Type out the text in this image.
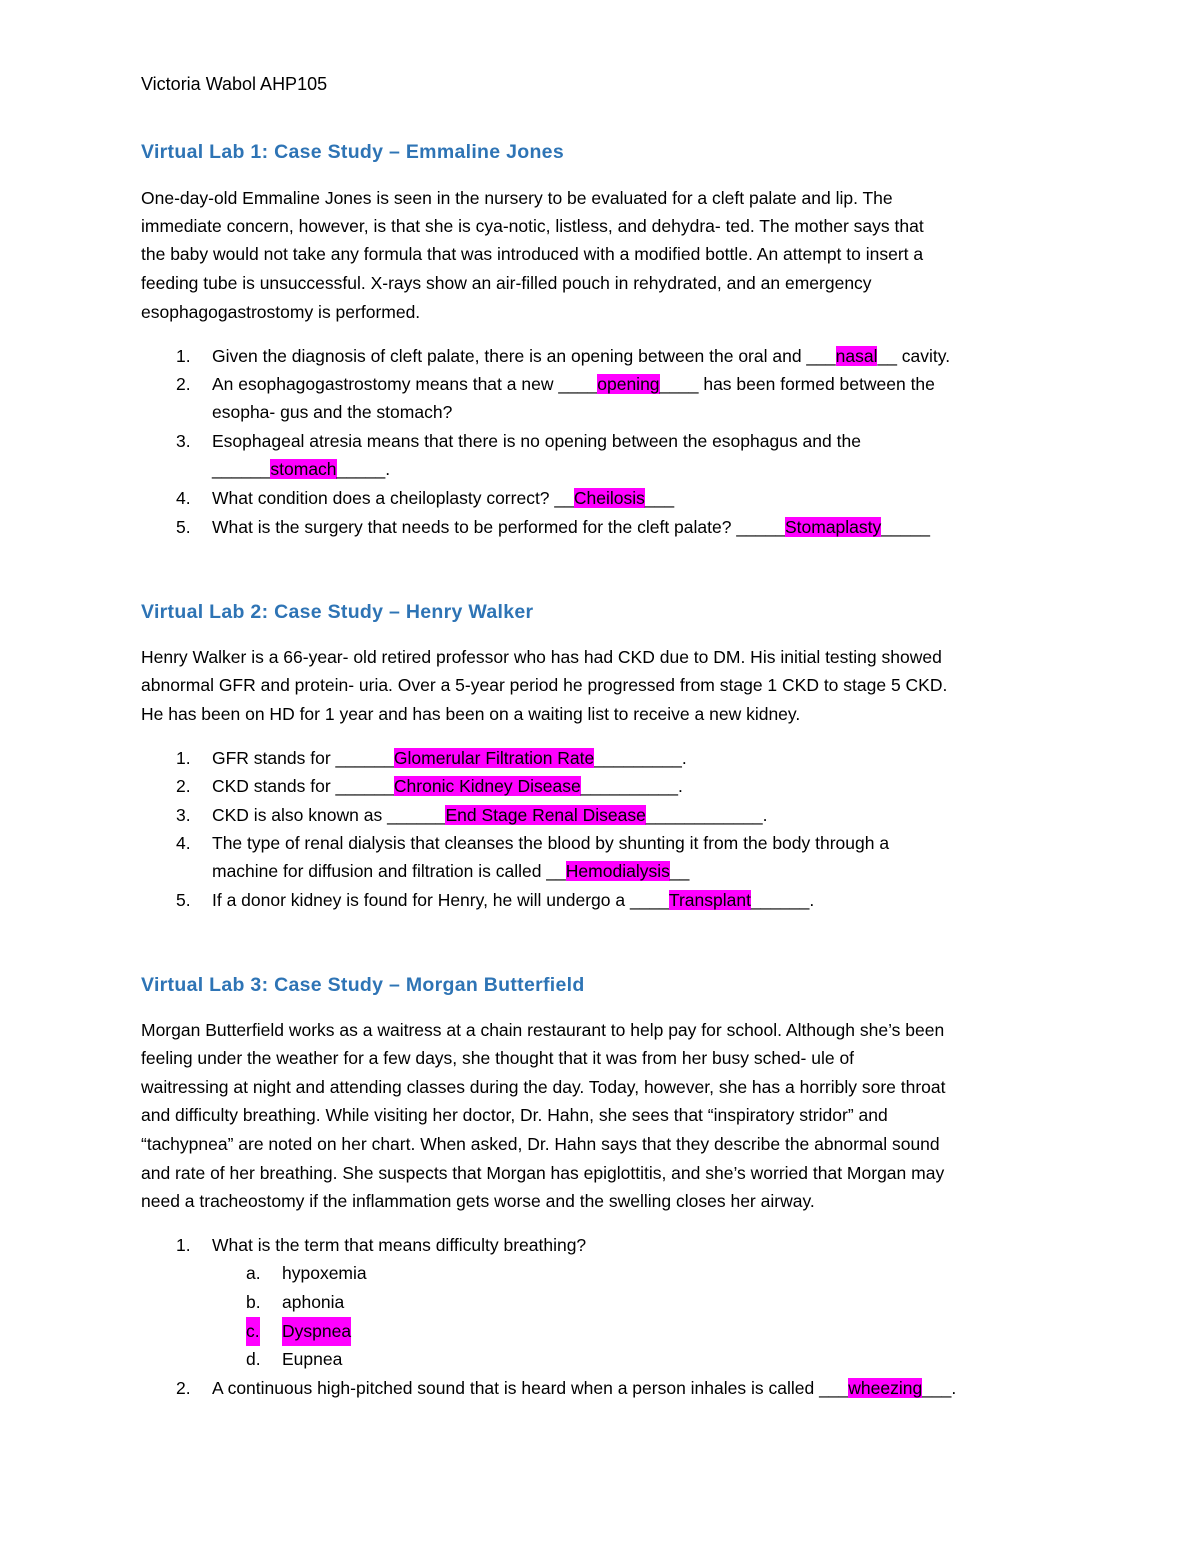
Victoria Wabol AHP105
Virtual Lab 1: Case Study – Emmaline Jones

One-day-old Emmaline Jones is seen in the nursery to be evaluated for a cleft palate and lip. The

immediate concern, however, is that she is cya-notic, listless, and dehydra- ted. The mother says that

the baby would not take any formula that was introduced with a modified bottle. An attempt to insert a

feeding tube is unsuccessful. X-rays show an air-filled pouch in rehydrated, and an emergency

esophagogastrostomy is performed.

1. Given the diagnosis of cleft palate, there is an opening between the oral and ___nasal__ cavity.
2. An esophagogastrostomy means that a new ____opening____ has been formed between the
esopha- gus and the stomach?
3. Esophageal atresia means that there is no opening between the esophagus and the
______stomach_____.
4. What condition does a cheiloplasty correct? __Cheilosis___
5. What is the surgery that needs to be performed for the cleft palate? _____Stomaplasty_____
Virtual Lab 2: Case Study – Henry Walker

Henry Walker is a 66-year- old retired professor who has had CKD due to DM. His initial testing showed

abnormal GFR and protein- uria. Over a 5-year period he progressed from stage 1 CKD to stage 5 CKD.

He has been on HD for 1 year and has been on a waiting list to receive a new kidney.

1. GFR stands for ______Glomerular Filtration Rate_________.
2. CKD stands for ______Chronic Kidney Disease__________.
3. CKD is also known as ______End Stage Renal Disease____________.
4. The type of renal dialysis that cleanses the blood by shunting it from the body through a
machine for diffusion and filtration is called __Hemodialysis__
5. If a donor kidney is found for Henry, he will undergo a ____Transplant______.
Virtual Lab 3: Case Study – Morgan Butterfield

Morgan Butterfield works as a waitress at a chain restaurant to help pay for school. Although she’s been

feeling under the weather for a few days, she thought that it was from her busy sched- ule of

waitressing at night and attending classes during the day. Today, however, she has a horribly sore throat

and difficulty breathing. While visiting her doctor, Dr. Hahn, she sees that “inspiratory stridor” and

“tachypnea” are noted on her chart. When asked, Dr. Hahn says that they describe the abnormal sound

and rate of her breathing. She suspects that Morgan has epiglottitis, and she’s worried that Morgan may

need a tracheostomy if the inflammation gets worse and the swelling closes her airway.

1. What is the term that means difficulty breathing?
a. hypoxemia
b. aphonia
c. Dyspnea
d. Eupnea
2. A continuous high-pitched sound that is heard when a person inhales is called ___wheezing___.
